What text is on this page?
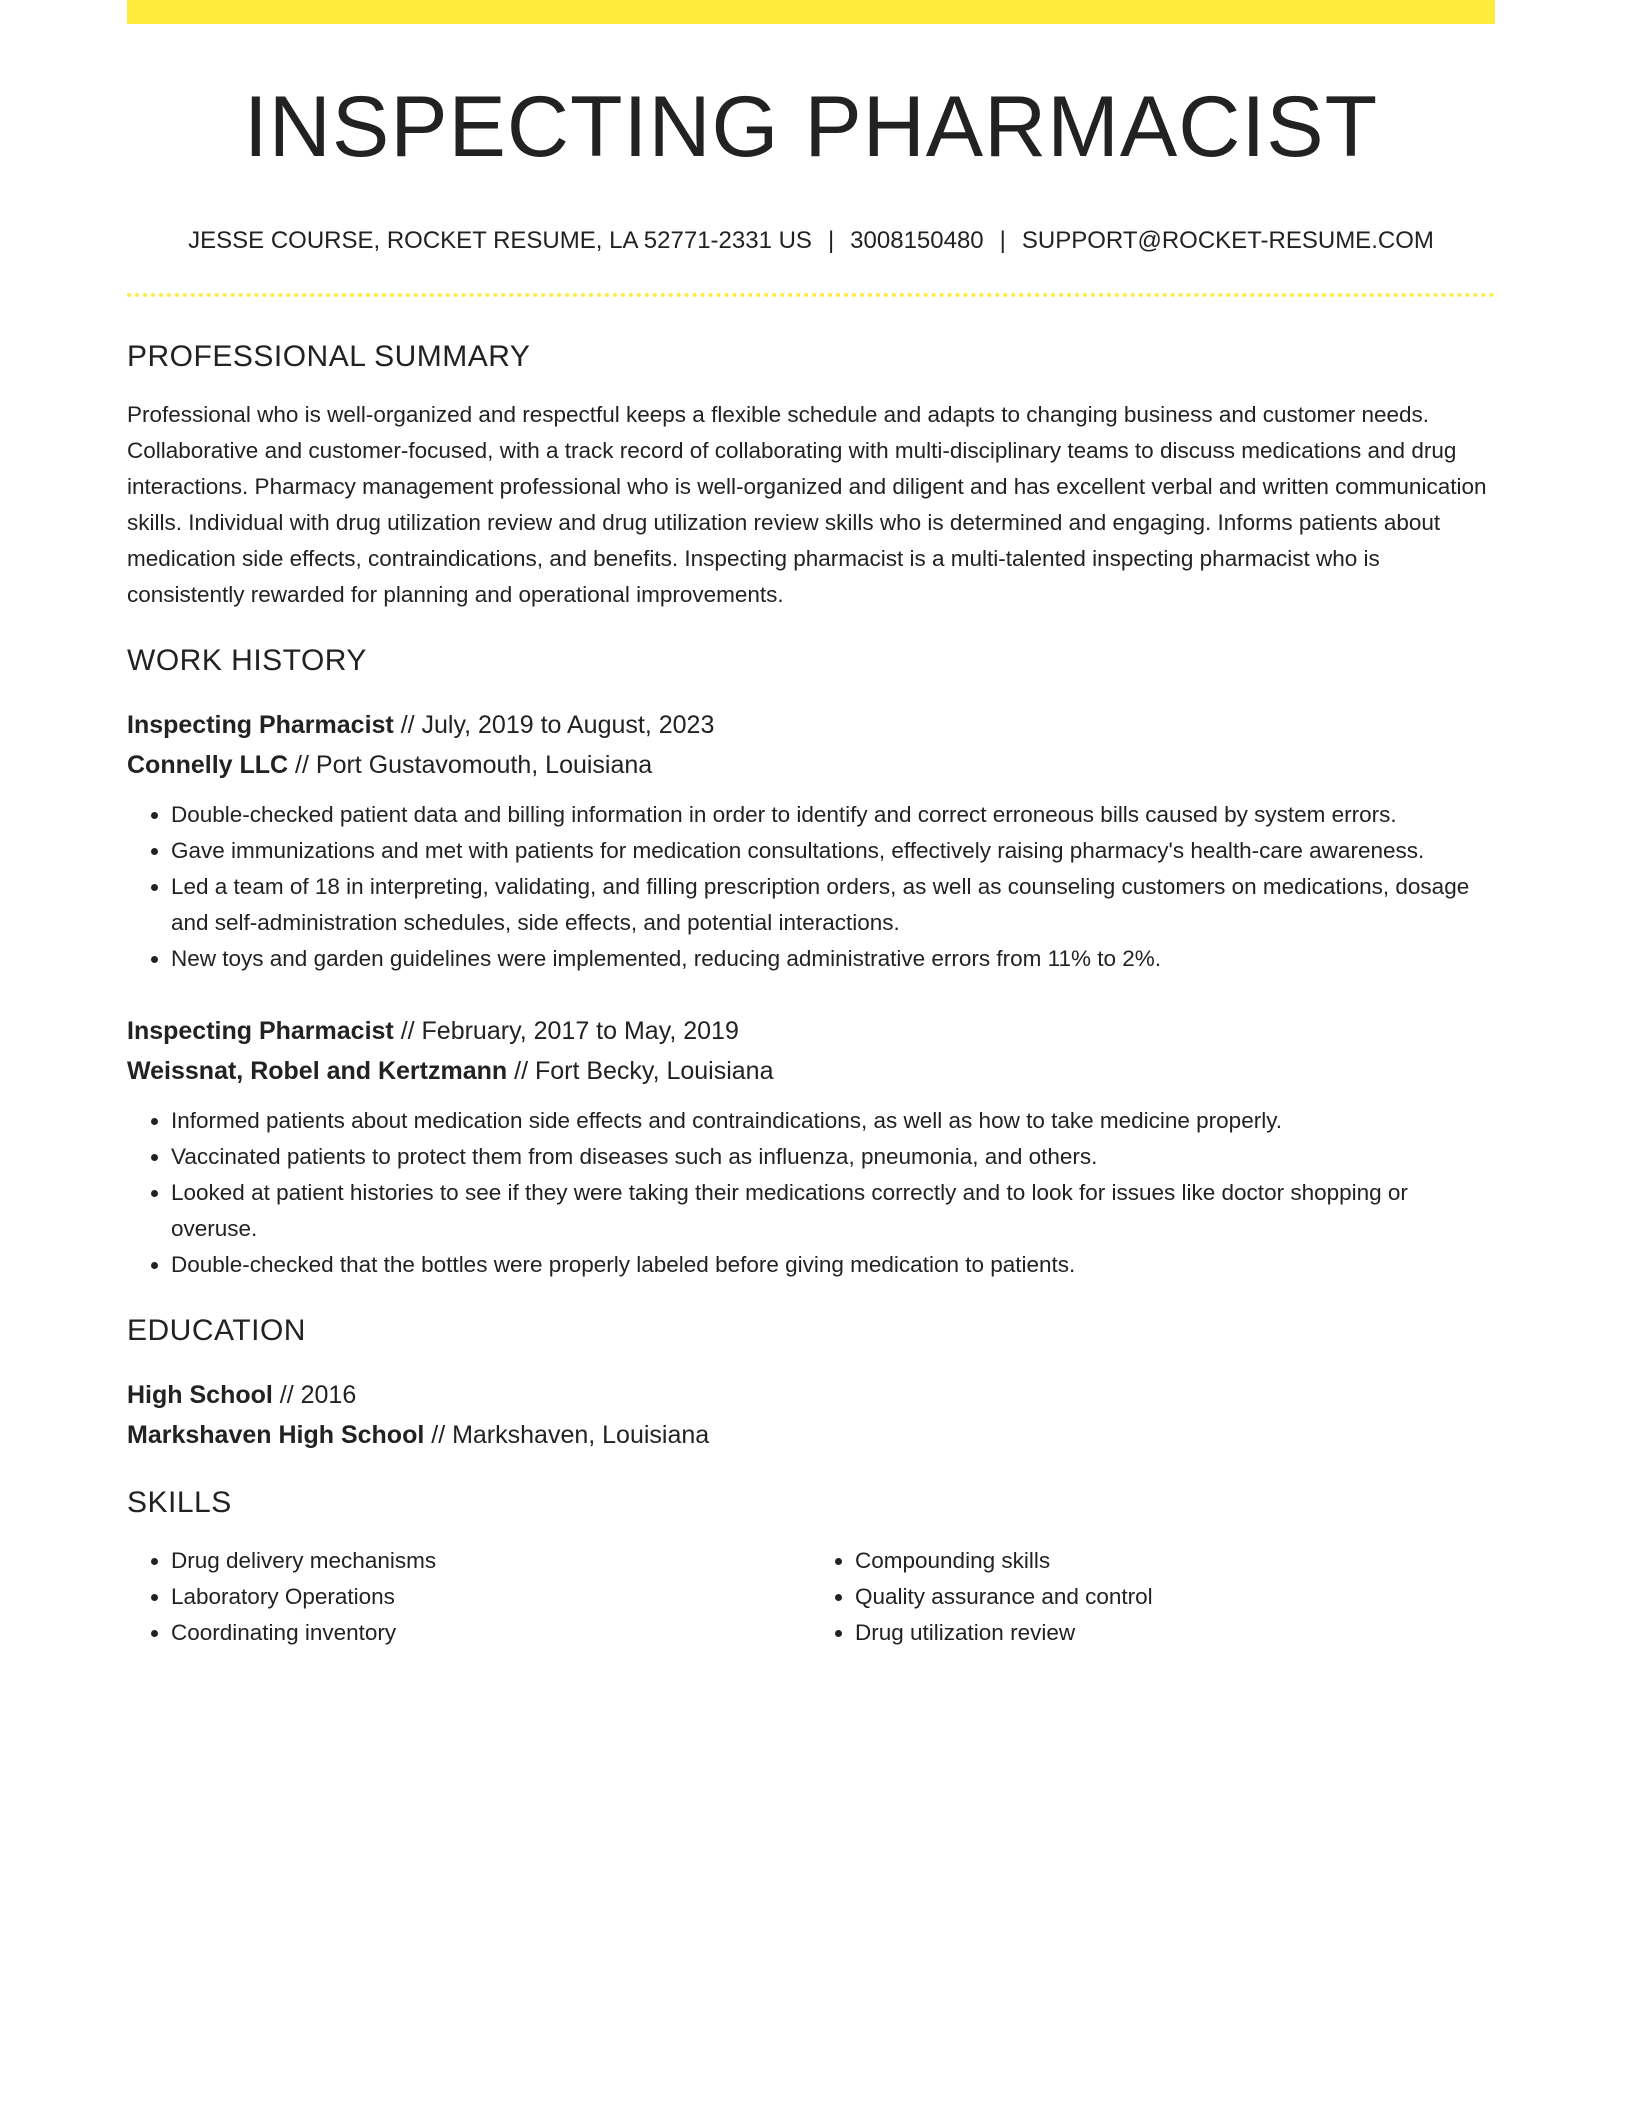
INSPECTING PHARMACIST
JESSE COURSE, ROCKET RESUME, LA 52771-2331 US | 3008150480 | SUPPORT@ROCKET-RESUME.COM
PROFESSIONAL SUMMARY

Professional who is well-organized and respectful keeps a flexible schedule and adapts to changing business and customer needs. Collaborative and customer-focused, with a track record of collaborating with multi-disciplinary teams to discuss medications and drug interactions. Pharmacy management professional who is well-organized and diligent and has excellent verbal and written communication skills. Individual with drug utilization review and drug utilization review skills who is determined and engaging. Informs patients about medication side effects, contraindications, and benefits. Inspecting pharmacist is a multi-talented inspecting pharmacist who is consistently rewarded for planning and operational improvements.

WORK HISTORY
Inspecting Pharmacist // July, 2019 to August, 2023
Connelly LLC // Port Gustavomouth, Louisiana
• Double-checked patient data and billing information in order to identify and correct erroneous bills caused by system errors.
• Gave immunizations and met with patients for medication consultations, effectively raising pharmacy's health-care awareness.
• Led a team of 18 in interpreting, validating, and filling prescription orders, as well as counseling customers on medications, dosage and self-administration schedules, side effects, and potential interactions.
• New toys and garden guidelines were implemented, reducing administrative errors from 11% to 2%.
Inspecting Pharmacist // February, 2017 to May, 2019
Weissnat, Robel and Kertzmann // Fort Becky, Louisiana
• Informed patients about medication side effects and contraindications, as well as how to take medicine properly.
• Vaccinated patients to protect them from diseases such as influenza, pneumonia, and others.
• Looked at patient histories to see if they were taking their medications correctly and to look for issues like doctor shopping or overuse.
• Double-checked that the bottles were properly labeled before giving medication to patients.
EDUCATION
High School // 2016
Markshaven High School // Markshaven, Louisiana
SKILLS
• Drug delivery mechanisms
• Laboratory Operations
• Coordinating inventory
• Compounding skills
• Quality assurance and control
• Drug utilization review
